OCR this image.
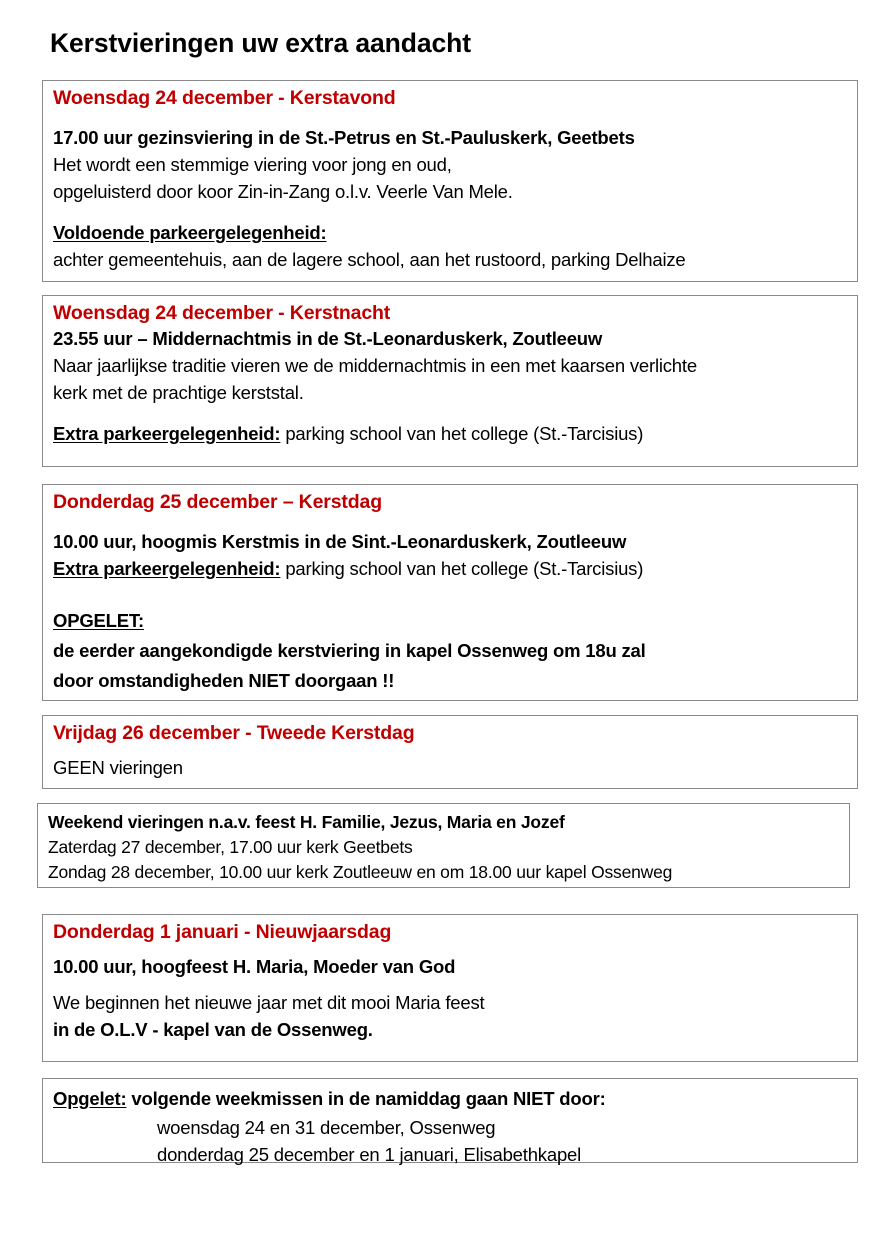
Kerstvieringen uw extra aandacht
Woensdag 24 december - Kerstavond
17.00 uur gezinsviering in de St.-Petrus en St.-Pauluskerk, Geetbets
Het wordt een stemmige viering voor jong en oud,
opgeluisterd door koor Zin-in-Zang o.l.v. Veerle Van Mele.
Voldoende parkeergelegenheid:
achter gemeentehuis, aan de lagere school, aan het rustoord, parking Delhaize
Woensdag 24 december - Kerstnacht
23.55 uur – Middernachtmis in de St.-Leonarduskerk, Zoutleeuw
Naar jaarlijkse traditie vieren we de middernachtmis in een met kaarsen verlichte
kerk met de prachtige kerststal.
Extra parkeergelegenheid: parking school van het college (St.-Tarcisius)
Donderdag 25 december – Kerstdag
10.00 uur, hoogmis Kerstmis in de Sint.-Leonarduskerk, Zoutleeuw
Extra parkeergelegenheid: parking school van het college (St.-Tarcisius)
OPGELET:
de eerder aangekondigde kerstviering in kapel Ossenweg om 18u zal
door omstandigheden NIET doorgaan !!
Vrijdag 26 december - Tweede Kerstdag
GEEN vieringen
Weekend vieringen n.a.v. feest H. Familie, Jezus, Maria en Jozef
Zaterdag 27 december, 17.00 uur kerk Geetbets
Zondag 28 december, 10.00 uur kerk Zoutleeuw en om 18.00 uur kapel Ossenweg
Donderdag 1 januari - Nieuwjaarsdag
10.00 uur, hoogfeest H. Maria, Moeder van God
We beginnen het nieuwe jaar met dit mooi Maria feest
in de O.L.V - kapel van de Ossenweg.
Opgelet: volgende weekmissen in de namiddag gaan NIET door:
woensdag 24 en 31 december, Ossenweg
donderdag 25 december en 1 januari, Elisabethkapel
